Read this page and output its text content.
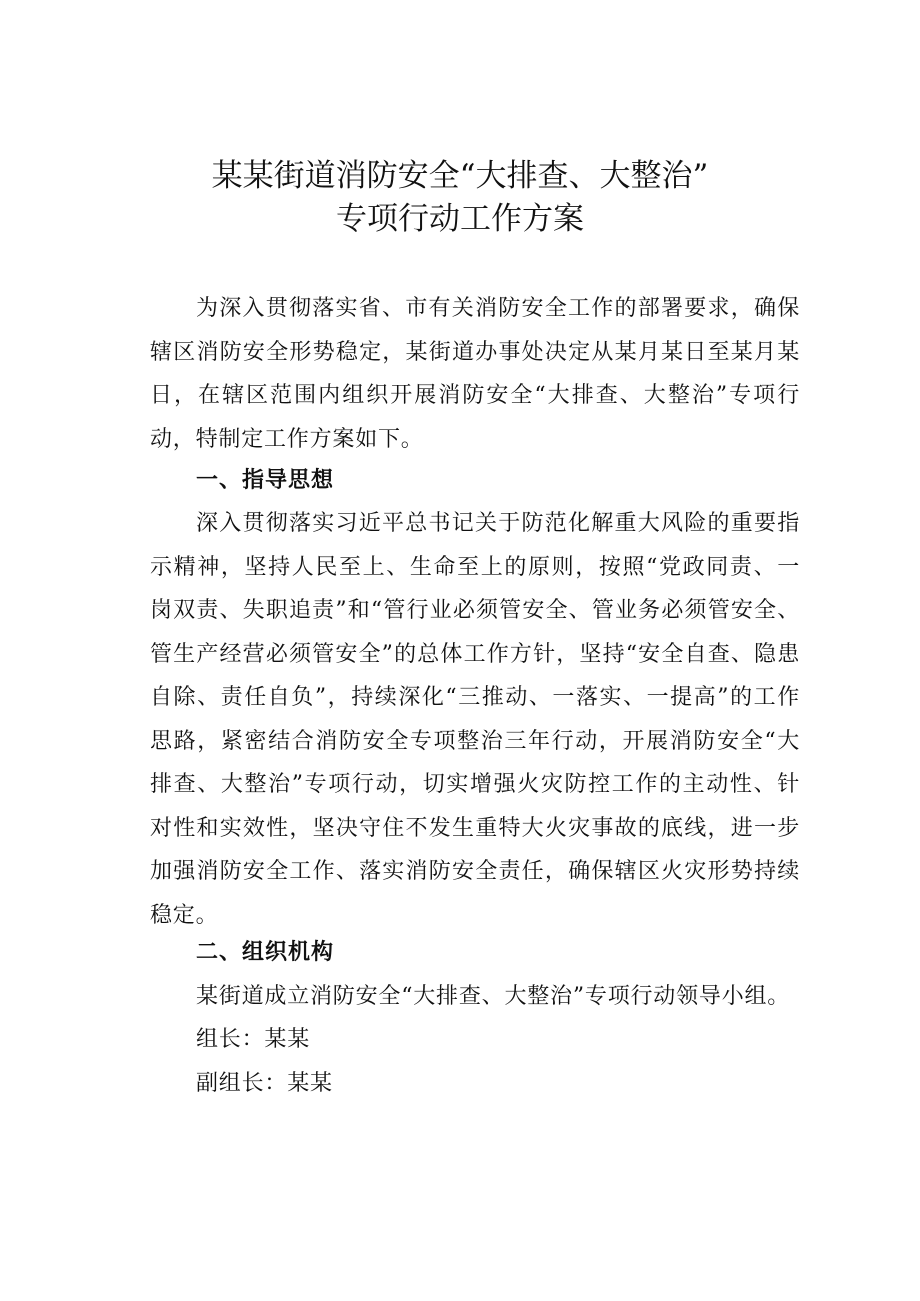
某某街道消防安全“大排查、大整治”
专项行动工作方案

为深入贯彻落实省、市有关消防安全工作的部署要求，确保辖区消防安全形势稳定，某街道办事处决定从某月某日至某月某日，在辖区范围内组织开展消防安全“大排查、大整治”专项行动，特制定工作方案如下。

一、指导思想

深入贯彻落实习近平总书记关于防范化解重大风险的重要指示精神，坚持人民至上、生命至上的原则，按照“党政同责、一岗双责、失职追责”和“管行业必须管安全、管业务必须管安全、管生产经营必须管安全”的总体工作方针，坚持“安全自查、隐患自除、责任自负”，持续深化“三推动、一落实、一提高”的工作思路，紧密结合消防安全专项整治三年行动，开展消防安全“大排查、大整治”专项行动，切实增强火灾防控工作的主动性、针对性和实效性，坚决守住不发生重特大火灾事故的底线，进一步加强消防安全工作、落实消防安全责任，确保辖区火灾形势持续稳定。

二、组织机构
某街道成立消防安全“大排查、大整治”专项行动领导小组。
组长：某某
副组长：某某
